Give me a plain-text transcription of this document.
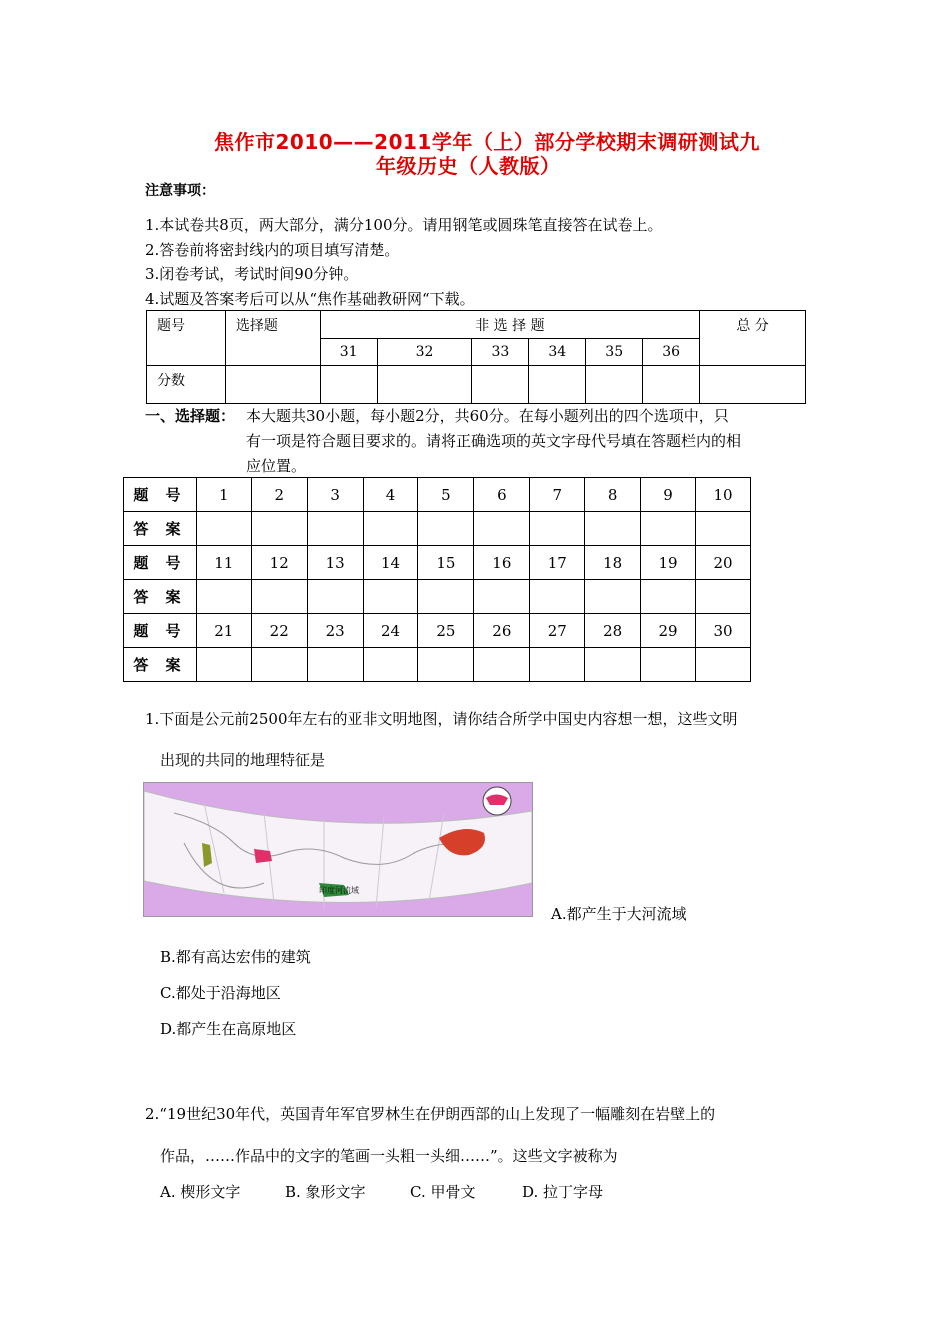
焦作市2010——2011学年（上）部分学校期末调研测试九
年级历史（人教版）
注意事项：
1.本试卷共8页，两大部分，满分100分。请用钢笔或圆珠笔直接答在试卷上。
2.答卷前将密封线内的项目填写清楚。
3.闭卷考试，考试时间90分钟。
4.试题及答案考后可以从“焦作基础教研网“下载。
题号	选择题	非 选 择 题						总 分
		31	32	33	34	35	36	
分数								
一、选择题： 本大题共30小题，每小题2分，共60分。在每小题列出的四个选项中，只
有一项是符合题目要求的。请将正确选项的英文字母代号填在答题栏内的相
应位置。
题 号	1	2	3	4	5	6	7	8	9	10
答 案										
题 号	11	12	13	14	15	16	17	18	19	20
答 案										
题 号	21	22	23	24	25	26	27	28	29	30
答 案										
1.下面是公元前2500年左右的亚非文明地图，请你结合所学中国史内容想一想，这些文明
出现的共同的地理特征是
印度河流域
A.都产生于大河流域
B.都有高达宏伟的建筑
C.都处于沿海地区
D.都产生在高原地区
2.“19世纪30年代，英国青年军官罗林生在伊朗西部的山上发现了一幅雕刻在岩壁上的
作品，……作品中的文字的笔画一头粗一头细……”。这些文字被称为
A. 楔形文字	B. 象形文字	C. 甲骨文	D. 拉丁字母
